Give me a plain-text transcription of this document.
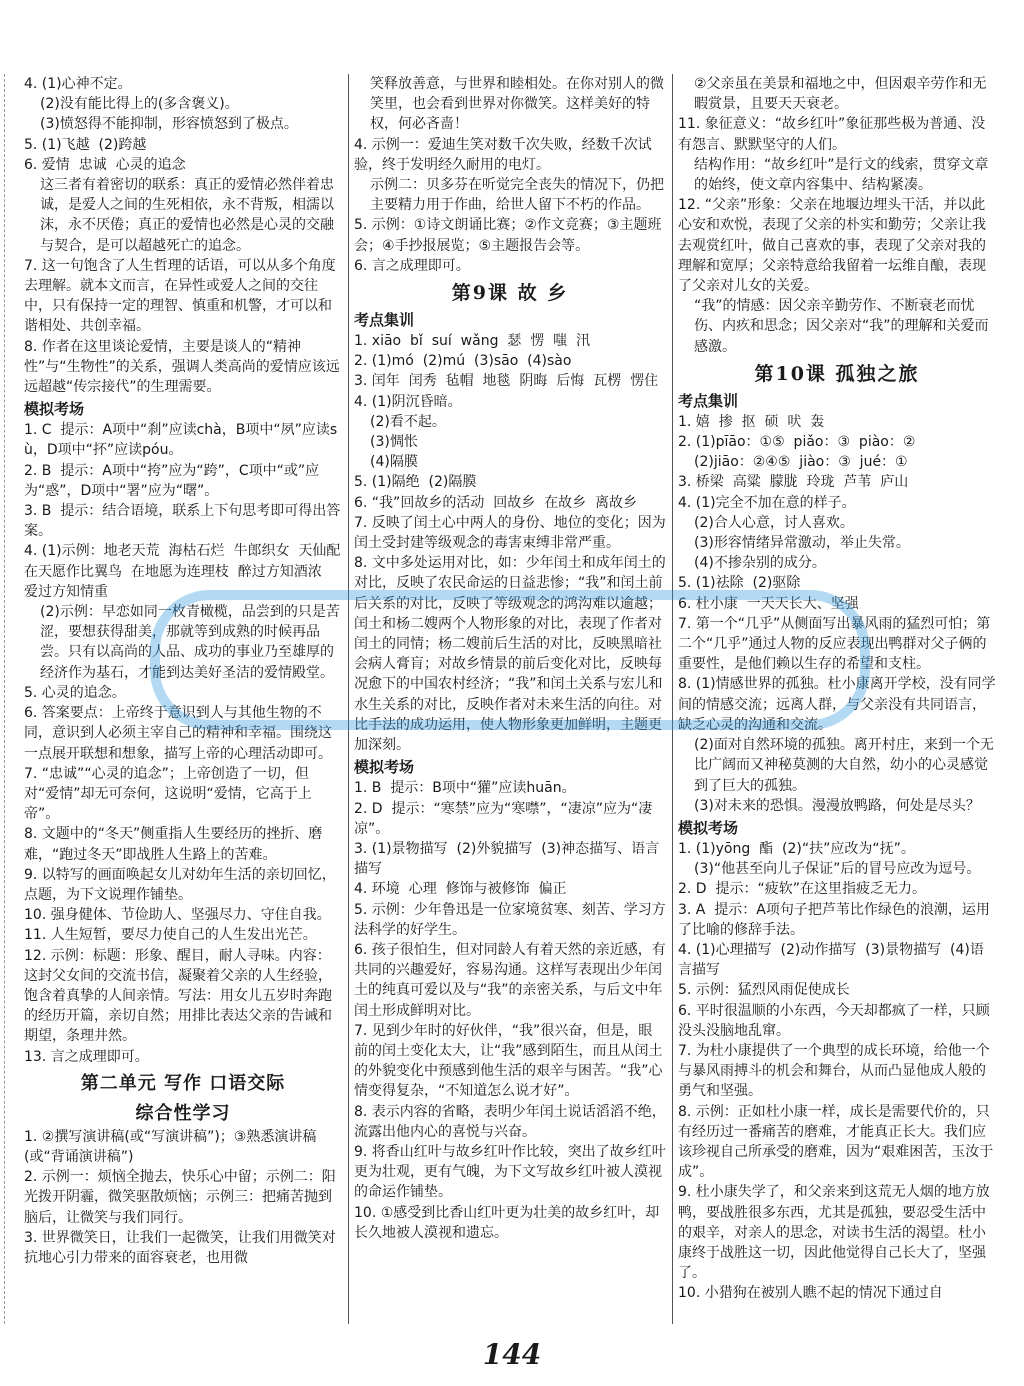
4. (1)心神不定。
(2)没有能比得上的(多含褒义)。
(3)愤怒得不能抑制，形容愤怒到了极点。
5. (1)飞越  (2)跨越
6. 爱情  忠诚  心灵的追念
这三者有着密切的联系：真正的爱情必然伴着忠诚，是爱人之间的生死相依，永不背叛，相濡以沫，永不厌倦；真正的爱情也必然是心灵的交融与契合，是可以超越死亡的追念。
7. 这一句饱含了人生哲理的话语，可以从多个角度去理解。就本文而言，在异性或爱人之间的交往中，只有保持一定的理智、慎重和机警，才可以和谐相处、共创幸福。
8. 作者在这里谈论爱情，主要是谈人的“精神性”与“生物性”的关系，强调人类高尚的爱情应该远远超越“传宗接代”的生理需要。
模拟考场
1. C  提示：A项中“刹”应读chà，B项中“夙”应读sù，D项中“抔”应读póu。
2. B  提示：A项中“挎”应为“跨”，C项中“或”应为“惑”，D项中“署”应为“曙”。
3. B  提示：结合语境，联系上下句思考即可得出答案。
4. (1)示例：地老天荒  海枯石烂  牛郎织女  天仙配  在天愿作比翼鸟  在地愿为连理枝  醉过方知酒浓  爱过方知情重
(2)示例：早恋如同一枚青橄榄，品尝到的只是苦涩，要想获得甜美，那就等到成熟的时候再品尝。只有以高尚的人品、成功的事业乃至雄厚的经济作为基石，才能到达美好圣洁的爱情殿堂。
5. 心灵的追念。
6. 答案要点：上帝终于意识到人与其他生物的不同，意识到人必须主宰自己的精神和幸福。围绕这一点展开联想和想象，描写上帝的心理活动即可。
7. “忠诚”“心灵的追念”；上帝创造了一切，但对“爱情”却无可奈何，这说明“爱情，它高于上帝”。
8. 文题中的“冬天”侧重指人生要经历的挫折、磨难，“跑过冬天”即战胜人生路上的苦难。
9. 以特写的画面唤起女儿对幼年生活的亲切回忆，点题，为下文说理作铺垫。
10. 强身健体、节俭助人、坚强尽力、守住自我。
11. 人生短暂，要尽力使自己的人生发出光芒。
12. 示例：标题：形象、醒目，耐人寻味。内容：这封父女间的交流书信，凝聚着父亲的人生经验，饱含着真挚的人间亲情。写法：用女儿五岁时奔跑的经历开篇，亲切自然；用排比表达父亲的告诫和期望，条理井然。
13. 言之成理即可。
第二单元 写作 口语交际
综合性学习
1. ②撰写演讲稿(或“写演讲稿”)；③熟悉演讲稿(或“背诵演讲稿”)
2. 示例一：烦恼全抛去，快乐心中留；示例二：阳光拨开阴霾，微笑驱散烦恼；示例三：把痛苦抛到脑后，让微笑与我们同行。
3. 世界微笑日，让我们一起微笑，让我们用微笑对抗地心引力带来的面容衰老，也用微
笑释放善意，与世界和睦相处。在你对别人的微笑里，也会看到世界对你微笑。这样美好的特权，何必吝啬！
4. 示例一：爱迪生笑对数千次失败，经数千次试验，终于发明经久耐用的电灯。
示例二：贝多芬在听觉完全丧失的情况下，仍把主要精力用于作曲，给世人留下不朽的作品。
5. 示例：①诗文朗诵比赛；②作文竞赛；③主题班会；④手抄报展览；⑤主题报告会等。
6. 言之成理即可。
第9课 故 乡
考点集训
1. xiāo  bǐ  suí  wǎng  瑟  愣  嗤  汛
2. (1)mó  (2)mú  (3)sāo  (4)sào
3. 闰年  闰秀  毡帽  地毯  阴晦  后悔  瓦楞  愣住
4. (1)阴沉昏暗。
(2)看不起。
(3)惆怅
(4)隔膜
5. (1)隔绝  (2)隔膜
6. “我”回故乡的活动  回故乡  在故乡  离故乡
7. 反映了闰土心中两人的身份、地位的变化；因为闰土受封建等级观念的毒害束缚非常严重。
8. 文中多处运用对比，如：少年闰土和成年闰土的对比，反映了农民命运的日益悲惨；“我”和闰土前后关系的对比，反映了等级观念的鸿沟难以逾越；闰土和杨二嫂两个人物形象的对比，表现了作者对闰土的同情；杨二嫂前后生活的对比，反映黑暗社会病人膏肓；对故乡情景的前后变化对比，反映每况愈下的中国农村经济；“我”和闰土关系与宏儿和水生关系的对比，反映作者对未来生活的向往。对比手法的成功运用，使人物形象更加鲜明，主题更加深刻。
模拟考场
1. B  提示：B项中“獾”应读huān。
2. D  提示：“寒禁”应为“寒噤”，“凄凉”应为“凄凉”。
3. (1)景物描写  (2)外貌描写  (3)神态描写、语言描写
4. 环境  心理  修饰与被修饰  偏正
5. 示例：少年鲁迅是一位家境贫寒、刻苦、学习方法科学的好学生。
6. 孩子很怕生，但对同龄人有着天然的亲近感，有共同的兴趣爱好，容易沟通。这样写表现出少年闰土的纯真可爱以及与“我”的亲密关系，与后文中年闰土形成鲜明对比。
7. 见到少年时的好伙伴，“我”很兴奋，但是，眼前的闰土变化太大，让“我”感到陌生，而且从闰土的外貌变化中预感到他生活的艰辛与困苦。“我”心情变得复杂，“不知道怎么说才好”。
8. 表示内容的省略，表明少年闰土说话滔滔不绝，流露出他内心的喜悦与兴奋。
9. 将香山红叶与故乡红叶作比较，突出了故乡红叶更为壮观，更有气魄，为下文写故乡红叶被人漠视的命运作铺垫。
10. ①感受到比香山红叶更为壮美的故乡红叶，却长久地被人漠视和遗忘。
②父亲虽在美景和福地之中，但因艰辛劳作和无暇赏景，且要天天衰老。
11. 象征意义：“故乡红叶”象征那些极为普通、没有怨言、默默坚守的人们。
结构作用：“故乡红叶”是行文的线索，贯穿文章的始终，使文章内容集中、结构紧凑。
12. “父亲”形象：父亲在地堰边埋头干活，并以此心安和欢悦，表现了父亲的朴实和勤劳；父亲让我去观赏红叶，做自己喜欢的事，表现了父亲对我的理解和宽厚；父亲特意给我留着一坛维自酿，表现了父亲对儿女的关爱。
“我”的情感：因父亲辛勤劳作、不断衰老而忧伤、内疚和思念；因父亲对“我”的理解和关爱而感激。
第10课 孤独之旅
考点集训
1. 嬉  掺  抠  硕  吠  轰
2. (1)pīāo：①⑤  piǎo：③  piào：②
(2)jiāo：②④⑤  jiào：③  jué：①
3. 桥梁  高粱  朦胧  玲珑  芦苇  庐山
4. (1)完全不加在意的样子。
(2)合人心意，讨人喜欢。
(3)形容情绪异常激动，举止失常。
(4)不掺杂别的成分。
5. (1)祛除  (2)驱除
6. 杜小康  一天天长大、坚强
7. 第一个“几乎”从侧面写出暴风雨的猛烈可怕；第二个“几乎”通过人物的反应表现出鸭群对父子俩的重要性，是他们赖以生存的希望和支柱。
8. (1)情感世界的孤独。杜小康离开学校，没有同学间的情感交流；远离人群，与父亲没有共同语言，缺乏心灵的沟通和交流。
(2)面对自然环境的孤独。离开村庄，来到一个无比广阔而又神秘莫测的大自然，幼小的心灵感觉到了巨大的孤独。
(3)对未来的恐惧。漫漫放鸭路，何处是尽头？
模拟考场
1. (1)yōng  酯  (2)“扶”应改为“抚”。
(3)“他甚至向儿子保证”后的冒号应改为逗号。
2. D  提示：“疲软”在这里指疲乏无力。
3. A  提示：A项句子把芦苇比作绿色的浪潮，运用了比喻的修辞手法。
4. (1)心理描写  (2)动作描写  (3)景物描写  (4)语言描写
5. 示例：猛烈风雨促使成长
6. 平时很温顺的小东西，今天却都疯了一样，只顾没头没脑地乱窜。
7. 为杜小康提供了一个典型的成长环境，给他一个与暴风雨搏斗的机会和舞台，从而凸显他成人般的勇气和坚强。
8. 示例：正如杜小康一样，成长是需要代价的，只有经历过一番痛苦的磨难，才能真正长大。我们应该珍视自己所承受的磨难，因为“艰难困苦，玉汝于成”。
9. 杜小康失学了，和父亲来到这荒无人烟的地方放鸭，要战胜很多东西，尤其是孤独，要忍受生活中的艰辛，对亲人的思念，对读书生活的渴望。杜小康终于战胜这一切，因此他觉得自己长大了，坚强了。
10. 小猎狗在被别人瞧不起的情况下通过自
144
